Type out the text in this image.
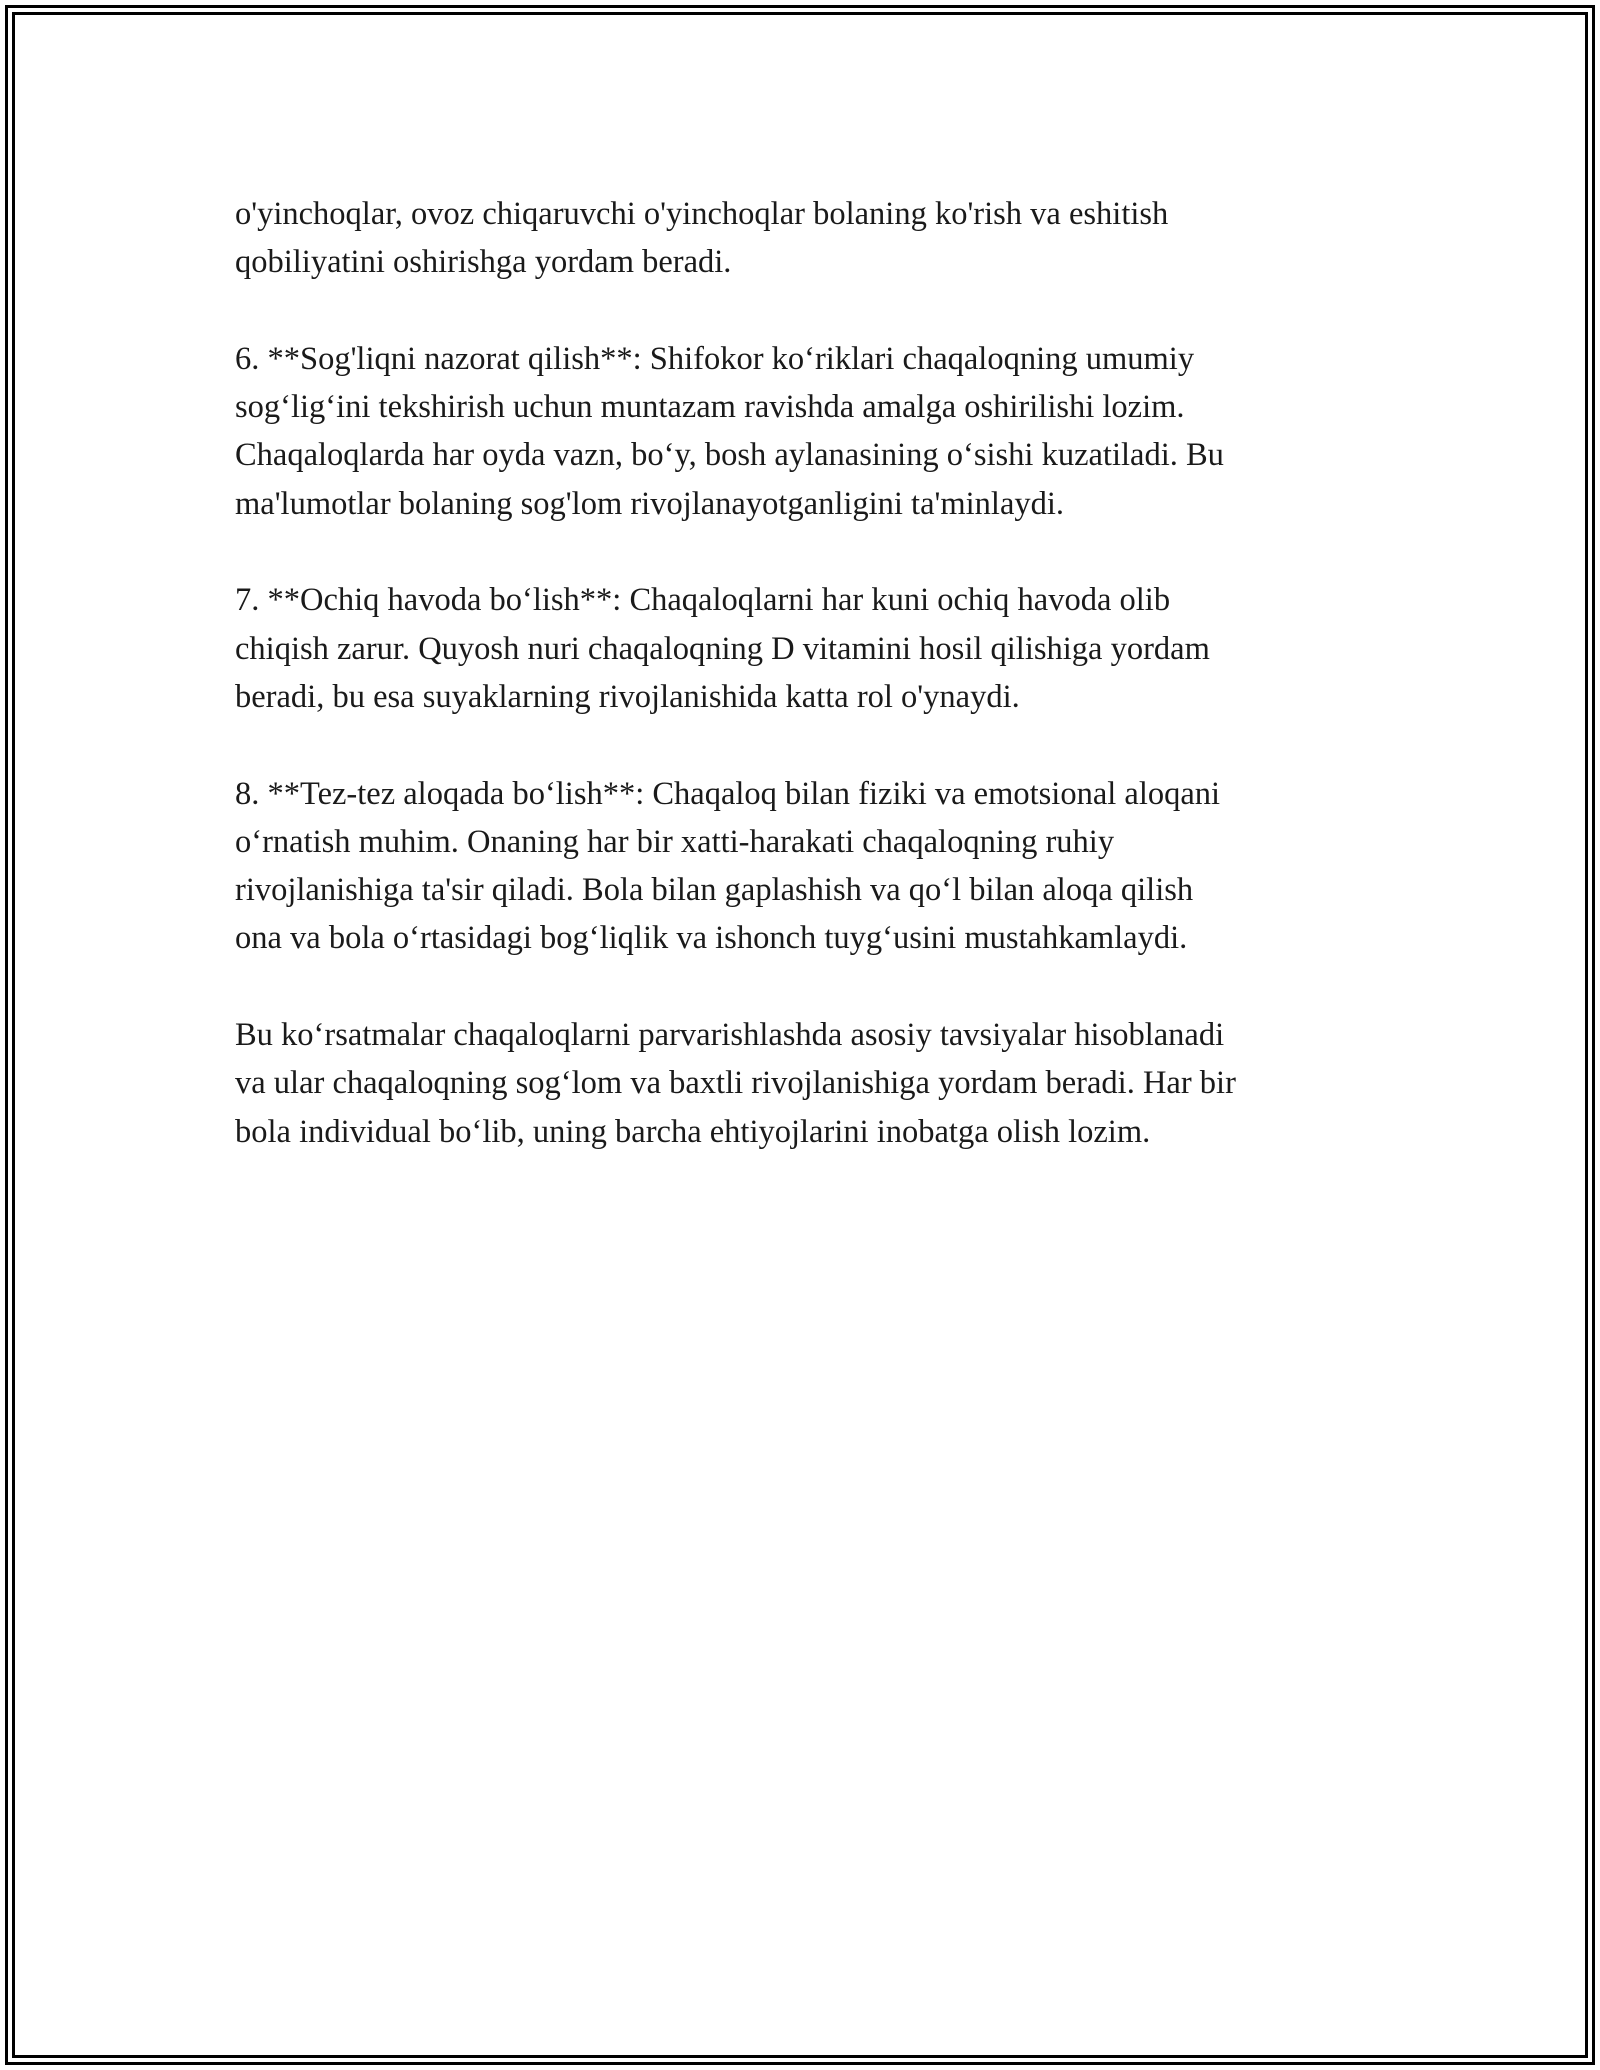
o'yinchoqlar, ovoz chiqaruvchi o'yinchoqlar bolaning ko'rish va eshitish
qobiliyatini oshirishga yordam beradi.

6. **Sog'liqni nazorat qilish**: Shifokor ko‘riklari chaqaloqning umumiy
sog‘lig‘ini tekshirish uchun muntazam ravishda amalga oshirilishi lozim.
Chaqaloqlarda har oyda vazn, bo‘y, bosh aylanasining o‘sishi kuzatiladi. Bu
ma'lumotlar bolaning sog'lom rivojlanayotganligini ta'minlaydi.

7. **Ochiq havoda bo‘lish**: Chaqaloqlarni har kuni ochiq havoda olib
chiqish zarur. Quyosh nuri chaqaloqning D vitamini hosil qilishiga yordam
beradi, bu esa suyaklarning rivojlanishida katta rol o'ynaydi.

8. **Tez-tez aloqada bo‘lish**: Chaqaloq bilan fiziki va emotsional aloqani
o‘rnatish muhim. Onaning har bir xatti-harakati chaqaloqning ruhiy
rivojlanishiga ta'sir qiladi. Bola bilan gaplashish va qo‘l bilan aloqa qilish
ona va bola o‘rtasidagi bog‘liqlik va ishonch tuyg‘usini mustahkamlaydi.

Bu ko‘rsatmalar chaqaloqlarni parvarishlashda asosiy tavsiyalar hisoblanadi
va ular chaqaloqning sog‘lom va baxtli rivojlanishiga yordam beradi. Har bir
bola individual bo‘lib, uning barcha ehtiyojlarini inobatga olish lozim.
